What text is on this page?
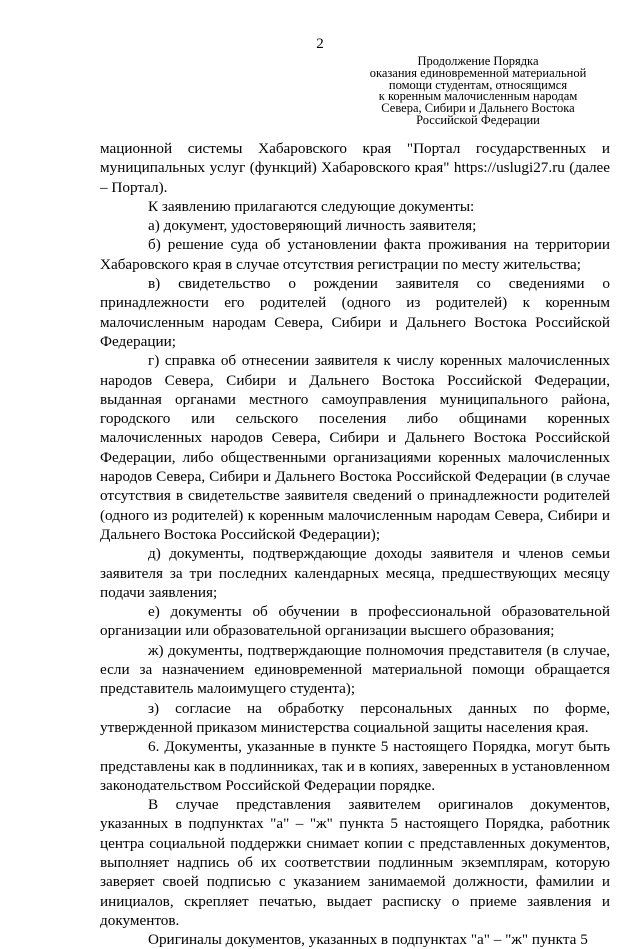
2
Продолжение Порядка
оказания единовременной материальной
помощи студентам, относящимся
к коренным малочисленным народам
Севера, Сибири и Дальнего Востока
Российской Федерации

мационной системы Хабаровского края "Портал государственных и муниципальных услуг (функций) Хабаровского края" https://uslugi27.ru (далее – Портал).

К заявлению прилагаются следующие документы:

а) документ, удостоверяющий личность заявителя;

б) решение суда об установлении факта проживания на территории Хабаровского края в случае отсутствия регистрации по месту жительства;

в) свидетельство о рождении заявителя со сведениями о принадлежности его родителей (одного из родителей) к коренным малочисленным народам Севера, Сибири и Дальнего Востока Российской Федерации;

г) справка об отнесении заявителя к числу коренных малочисленных народов Севера, Сибири и Дальнего Востока Российской Федерации, выданная органами местного самоуправления муниципального района, городского или сельского поселения либо общинами коренных малочисленных народов Севера, Сибири и Дальнего Востока Российской Федерации, либо общественными организациями коренных малочисленных народов Севера, Сибири и Дальнего Востока Российской Федерации (в случае отсутствия в свидетельстве заявителя сведений о принадлежности родителей (одного из родителей) к коренным малочисленным народам Севера, Сибири и Дальнего Востока Российской Федерации);

д) документы, подтверждающие доходы заявителя и членов семьи заявителя за три последних календарных месяца, предшествующих месяцу подачи заявления;

е) документы об обучении в профессиональной образовательной организации или образовательной организации высшего образования;

ж) документы, подтверждающие полномочия представителя (в случае, если за назначением единовременной материальной помощи обращается представитель малоимущего студента);

з) согласие на обработку персональных данных по форме, утвержденной приказом министерства социальной защиты населения края.

6. Документы, указанные в пункте 5 настоящего Порядка, могут быть представлены как в подлинниках, так и в копиях, заверенных в установленном законодательством Российской Федерации порядке.

В случае представления заявителем оригиналов документов, указанных в подпунктах "а" – "ж" пункта 5 настоящего Порядка, работник центра социальной поддержки снимает копии с представленных документов, выполняет надпись об их соответствии подлинным экземплярам, которую заверяет своей подписью с указанием занимаемой должности, фамилии и инициалов, скрепляет печатью, выдает расписку о приеме заявления и документов.

Оригиналы документов, указанных в подпунктах "а" – "ж" пункта 5
